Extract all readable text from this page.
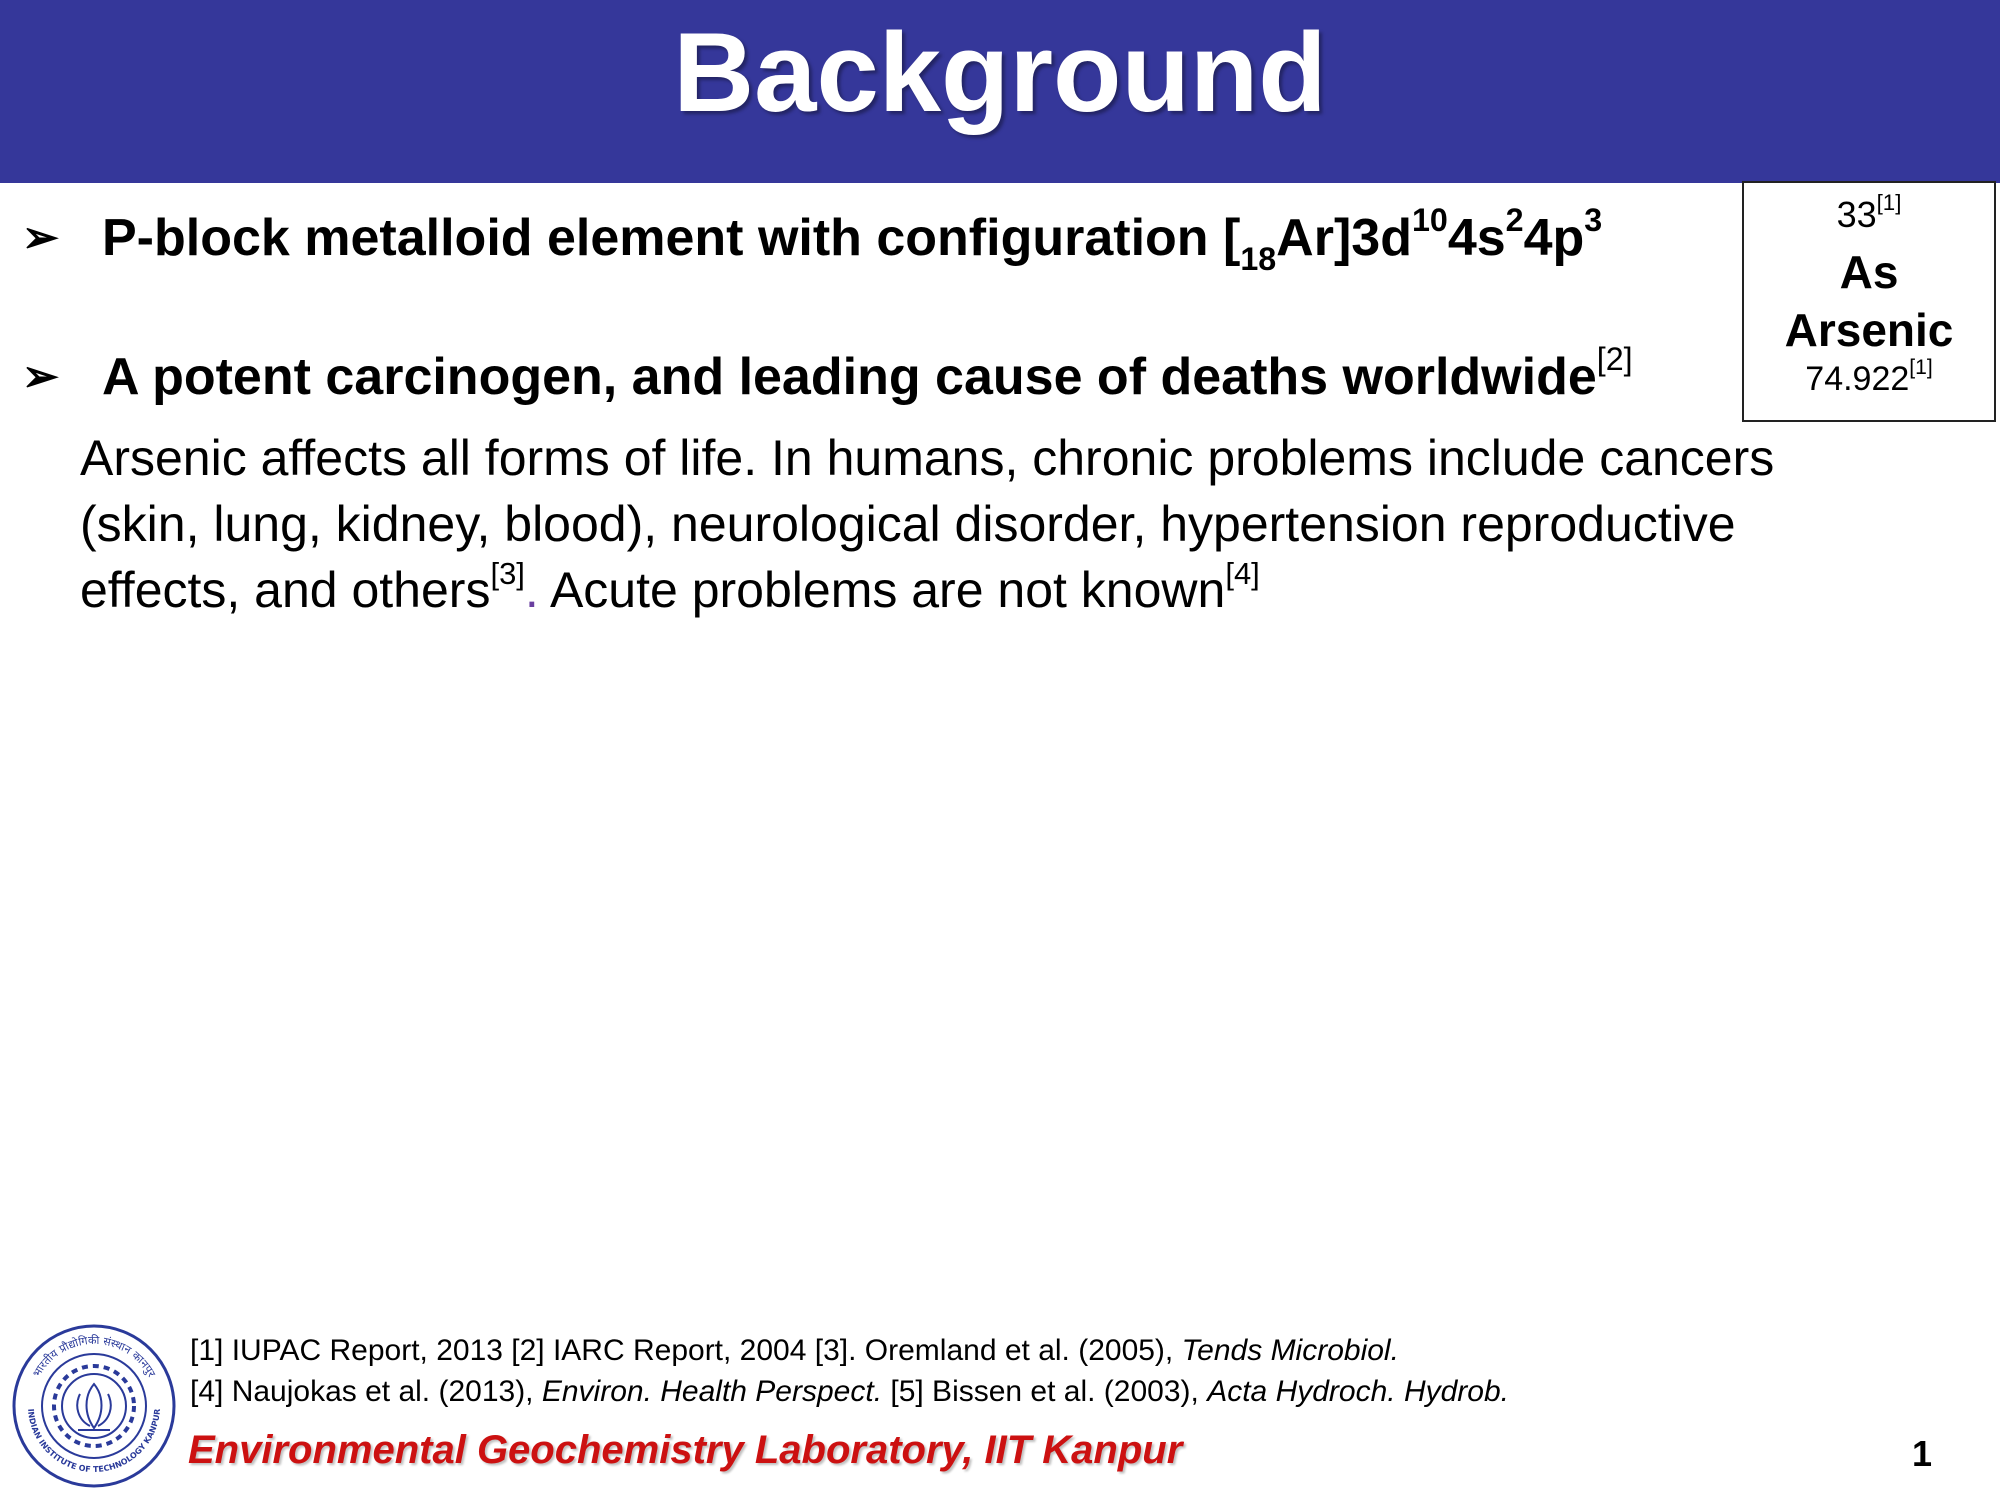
Background
➢ P-block metalloid element with configuration $[_{18}Ar]3d^{10}4s^24p^3$
➢ A potent carcinogen, and leading cause of deaths worldwide[2]
Arsenic affects all forms of life. In humans, chronic problems include cancers
(skin, lung, kidney, blood), neurological disorder, hypertension reproductive
effects, and others[3]. Acute problems are not known[4]
33[1]
As
Arsenic
74.922[1]
भारतीय प्रौद्योगिकी संस्थान कानपुर
INDIAN INSTITUTE OF TECHNOLOGY KANPUR
[1] IUPAC Report, 2013 [2] IARC Report, 2004 [3]. Oremland et al. (2005), Tends Microbiol.
[4] Naujokas et al. (2013), Environ. Health Perspect. [5] Bissen et al. (2003), Acta Hydroch. Hydrob.
Environmental Geochemistry Laboratory, IIT Kanpur	1
